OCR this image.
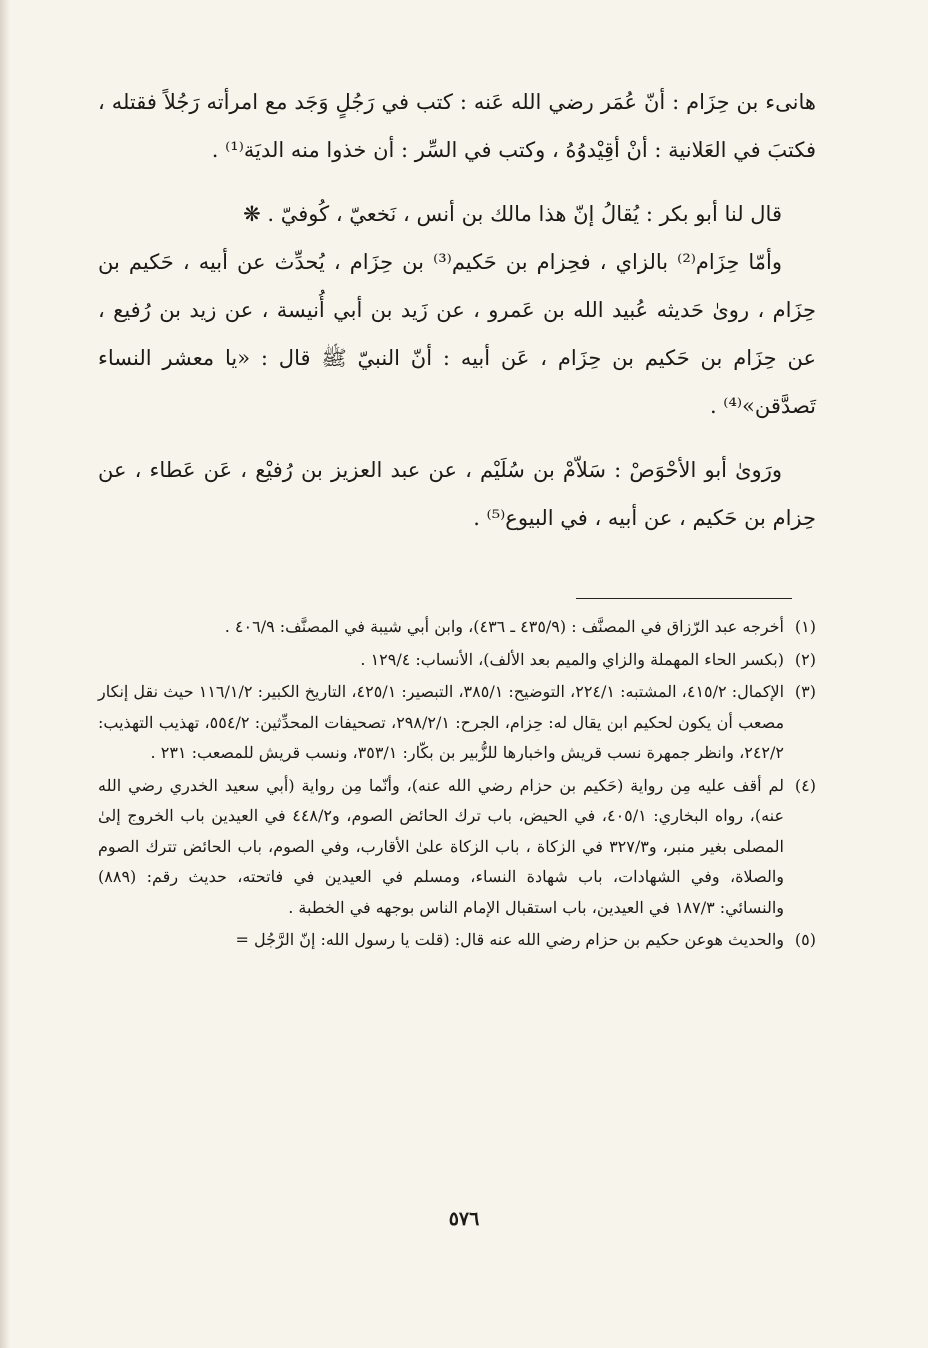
هانىء بن حِزَام : أنّ عُمَر رضي الله عَنه : كتب في رَجُلٍ وَجَد مع امرأته رَجُلاً فقتله ، فكتبَ في العَلانية : أنْ أقِيْدوُهُ ، وكتب في السِّر : أن خذوا منه الديَة⁽¹⁾ .

قال لنا أبو بكر : يُقالُ إنّ هذا مالك بن أنس ، نَخعيّ ، كُوفيّ . ❋

وأمّا حِزَام⁽²⁾ بالزاي ، فحِزام بن حَكيم⁽³⁾ بن حِزَام ، يُحدِّث عن أبيه ، حَكيم بن حِزَام ، روىٰ حَديثه عُبيد الله بن عَمرو ، عن زَيد بن أبي أُنيسة ، عن زيد بن رُفيع ، عن حِزَام بن حَكيم بن حِزَام ، عَن أبيه : أنّ النبيّ ﷺ قال : «يا معشر النساء تَصدَّقن»⁽⁴⁾ .

ورَوىٰ أبو الأحْوَصْ : سَلاّمْ بن سُلَيْم ، عن عبد العزيز بن رُفيْع ، عَن عَطاء ، عن حِزام بن حَكيم ، عن أبيه ، في البيوع⁽⁵⁾ .

(١)
أخرجه عبد الرّزاق في المصنَّف : (٤٣٥/٩ ـ ٤٣٦)، وابن أبي شيبة في المصنَّف: ٤٠٦/٩ .
(٢)
(بكسر الحاء المهملة والزاي والميم بعد الألف)، الأنساب: ١٢٩/٤ .
(٣)
الإكمال: ٤١٥/٢، المشتبه: ٢٢٤/١، التوضيح: ٣٨٥/١، التبصير: ٤٢٥/١، التاريخ الكبير: ١١٦/١/٢ حيث نقل إنكار مصعب أن يكون لحكيم ابن يقال له: حِزام، الجرح: ٢٩٨/٢/١، تصحيفات المحدِّثين: ٥٥٤/٢، تهذيب التهذيب: ٢٤٢/٢، وانظر جمهرة نسب قريش واخبارها للزُّبير بن بكّار: ٣٥٣/١، ونسب قريش للمصعب: ٢٣١ .
(٤)
لم أقف عليه مِن رواية (حَكيم بن حزام رضي الله عنه)، وأنّما مِن رواية (أبي سعيد الخدري رضي الله عنه)، رواه البخاري: ٤٠٥/١، في الحيض، باب ترك الحائض الصوم، و٤٤٨/٢ في العيدين باب الخروج إلىٰ المصلى بغير منبر، و٣٢٧/٣ في الزكاة ، باب الزكاة علىٰ الأقارب، وفي الصوم، باب الحائض تترك الصوم والصلاة، وفي الشهادات، باب شهادة النساء، ومسلم في العيدين في فاتحته، حديث رقم: (٨٨٩) والنسائي: ١٨٧/٣ في العيدين، باب استقبال الإمام الناس بوجهه في الخطبة .
(٥)
والحديث هوعن حكيم بن حزام رضي الله عنه قال: (قلت يا رسول الله: إنّ الرَّجُل =
٥٧٦
